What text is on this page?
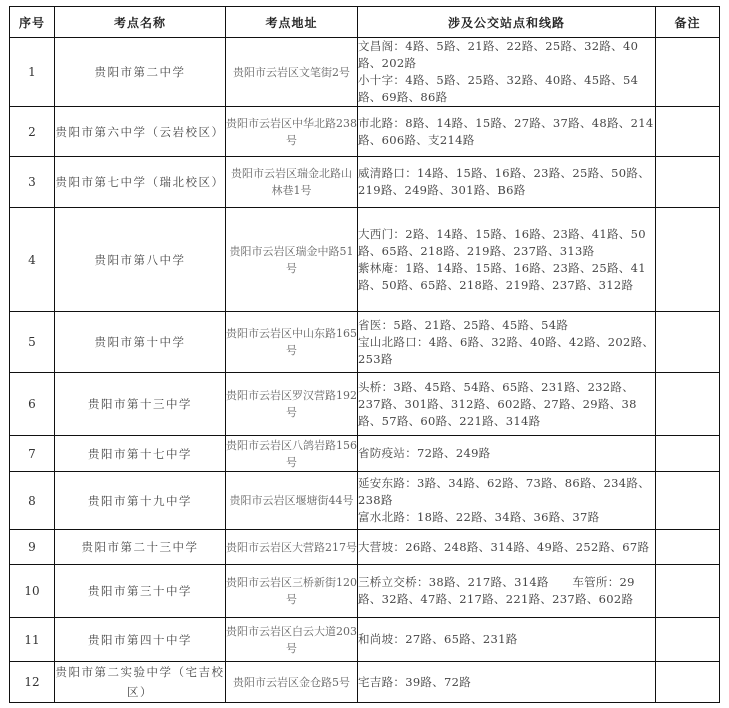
序号	考点名称	考点地址	涉及公交站点和线路	备注
1	贵阳市第二中学	贵阳市云岩区文笔街2号	文昌阁：4路、5路、21路、22路、25路、32路、40路、202路
小十字：4路、5路、25路、32路、40路、45路、54路、69路、86路	

2	贵阳市第六中学（云岩校区）	贵阳市云岩区中华北路238号	市北路：8路、14路、15路、27路、37路、48路、214路、606路、支214路	

3	贵阳市第七中学（瑞北校区）	贵阳市云岩区瑞金北路山林巷1号	威清路口：14路、15路、16路、23路、25路、50路、219路、249路、301路、B6路	

4	贵阳市第八中学	贵阳市云岩区瑞金中路51号	大西门：2路、14路、15路、16路、23路、41路、50路、65路、218路、219路、237路、313路
紫林庵：1路、14路、15路、16路、23路、25路、41路、50路、65路、218路、219路、237路、312路	

5	贵阳市第十中学	贵阳市云岩区中山东路165号	省医：5路、21路、25路、45路、54路
宝山北路口：4路、6路、32路、40路、42路、202路、253路	

6	贵阳市第十三中学	贵阳市云岩区罗汉营路192号	头桥：3路、45路、54路、65路、231路、232路、237路、301路、312路、602路、27路、29路、38路、57路、60路、221路、314路	

7	贵阳市第十七中学	贵阳市云岩区八鸽岩路156号	省防疫站：72路、249路	

8	贵阳市第十九中学	贵阳市云岩区堰塘街44号	延安东路：3路、34路、62路、73路、86路、234路、238路
富水北路：18路、22路、34路、36路、37路	

9	贵阳市第二十三中学	贵阳市云岩区大营路217号	大营坡：26路、248路、314路、49路、252路、67路	

10	贵阳市第三十中学	贵阳市云岩区三桥新街120号	三桥立交桥：38路、217路、314路　　车管所：29路、32路、47路、217路、221路、237路、602路	

11	贵阳市第四十中学	贵阳市云岩区白云大道203号	和尚坡：27路、65路、231路	

12	贵阳市第二实验中学（宅吉校区）	贵阳市云岩区金仓路5号	宅吉路：39路、72路	
